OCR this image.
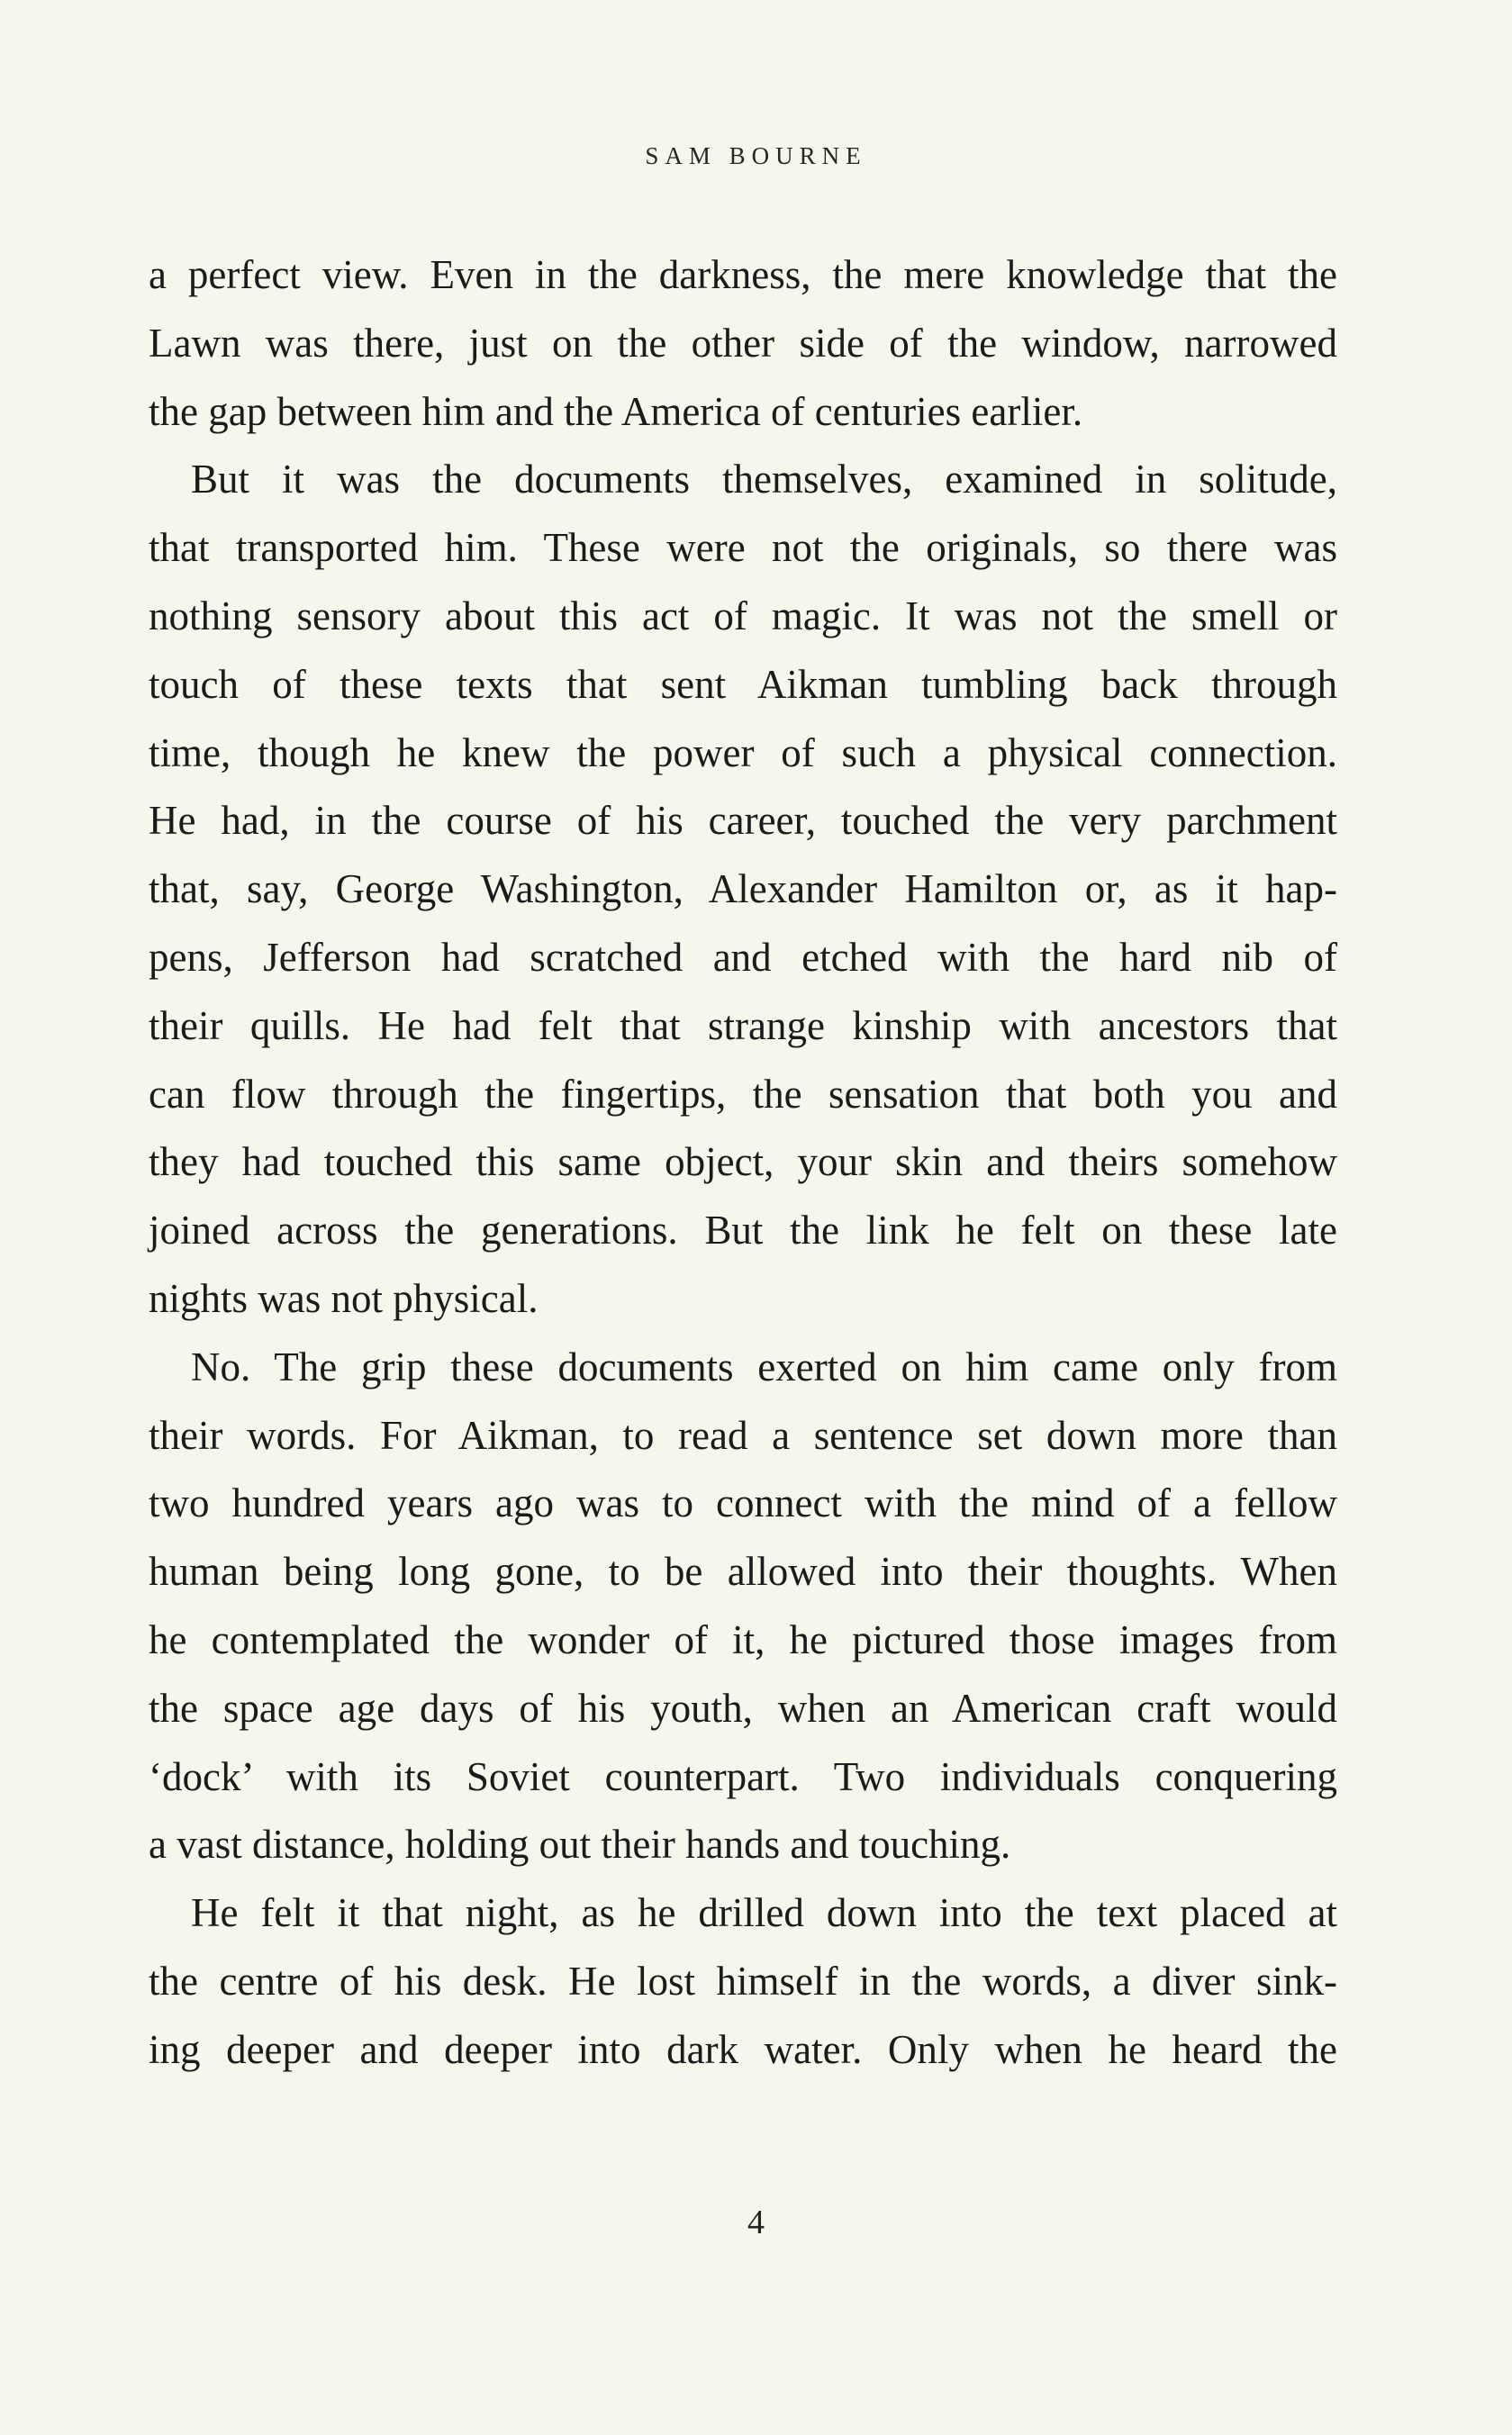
SAM BOURNE

a perfect view. Even in the darkness, the mere knowledge that the
Lawn was there, just on the other side of the window, narrowed
the gap between him and the America of centuries earlier.

But it was the documents themselves, examined in solitude,
that transported him. These were not the originals, so there was
nothing sensory about this act of magic. It was not the smell or
touch of these texts that sent Aikman tumbling back through
time, though he knew the power of such a physical connection.
He had, in the course of his career, touched the very parchment
that, say, George Washington, Alexander Hamilton or, as it hap-
pens, Jefferson had scratched and etched with the hard nib of
their quills. He had felt that strange kinship with ancestors that
can flow through the fingertips, the sensation that both you and
they had touched this same object, your skin and theirs somehow
joined across the generations. But the link he felt on these late
nights was not physical.

No. The grip these documents exerted on him came only from
their words. For Aikman, to read a sentence set down more than
two hundred years ago was to connect with the mind of a fellow
human being long gone, to be allowed into their thoughts. When
he contemplated the wonder of it, he pictured those images from
the space age days of his youth, when an American craft would
‘dock’ with its Soviet counterpart. Two individuals conquering
a vast distance, holding out their hands and touching.

He felt it that night, as he drilled down into the text placed at
the centre of his desk. He lost himself in the words, a diver sink-
ing deeper and deeper into dark water. Only when he heard the

4
